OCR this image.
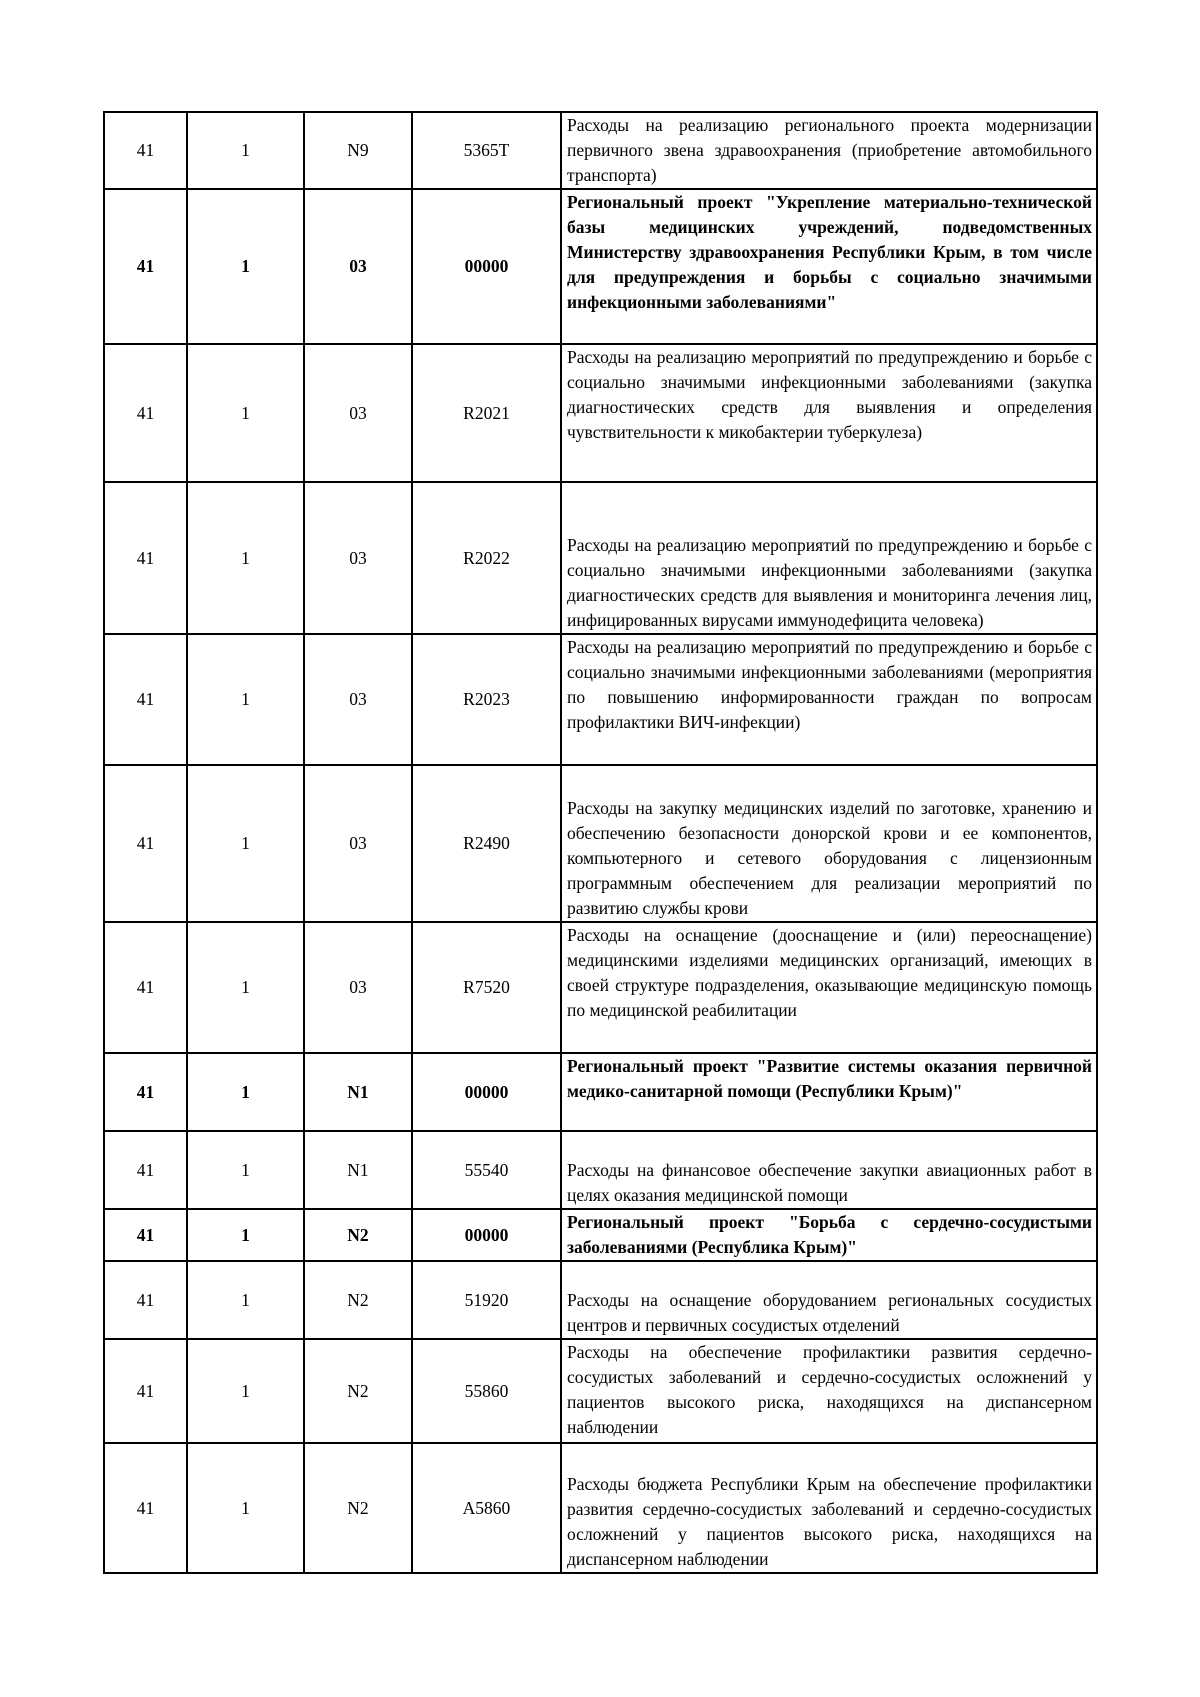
41	1	N9	5365T	Расходы на реализацию регионального проекта модернизации первичного звена здравоохранения (приобретение автомобильного транспорта)
41	1	03	00000	Региональный проект "Укрепление материально-технической базы медицинских учреждений, подведомственных Министерству здравоохранения Республики Крым, в том числе для предупреждения и борьбы с социально значимыми инфекционными заболеваниями"
41	1	03	R2021	Расходы на реализацию мероприятий по предупреждению и борьбе с социально значимыми инфекционными заболеваниями (закупка диагностических средств для выявления и определения чувствительности к микобактерии туберкулеза)
41	1	03	R2022	Расходы на реализацию мероприятий по предупреждению и борьбе с социально значимыми инфекционными заболеваниями (закупка диагностических средств для выявления и мониторинга лечения лиц, инфицированных вирусами иммунодефицита человека)
41	1	03	R2023	Расходы на реализацию мероприятий по предупреждению и борьбе с социально значимыми инфекционными заболеваниями (мероприятия по повышению информированности граждан по вопросам профилактики ВИЧ-инфекции)
41	1	03	R2490	Расходы на закупку медицинских изделий по заготовке, хранению и обеспечению безопасности донорской крови и ее компонентов, компьютерного и сетевого оборудования с лицензионным программным обеспечением для реализации мероприятий по развитию службы крови
41	1	03	R7520	Расходы на оснащение (дооснащение и (или) переоснащение) медицинскими изделиями медицинских организаций, имеющих в своей структуре подразделения, оказывающие медицинскую помощь по медицинской реабилитации
41	1	N1	00000	Региональный проект "Развитие системы оказания первичной медико-санитарной помощи (Республики Крым)"
41	1	N1	55540	Расходы на финансовое обеспечение закупки авиационных работ в целях оказания медицинской помощи
41	1	N2	00000	Региональный проект "Борьба с сердечно-сосудистыми заболеваниями (Республика Крым)"
41	1	N2	51920	Расходы на оснащение оборудованием региональных сосудистых центров и первичных сосудистых отделений
41	1	N2	55860	Расходы на обеспечение профилактики развития сердечно-сосудистых заболеваний и сердечно-сосудистых осложнений у пациентов высокого риска, находящихся на диспансерном наблюдении
41	1	N2	A5860	Расходы бюджета Республики Крым на обеспечение профилактики развития сердечно-сосудистых заболеваний и сердечно-сосудистых осложнений у пациентов высокого риска, находящихся на диспансерном наблюдении
